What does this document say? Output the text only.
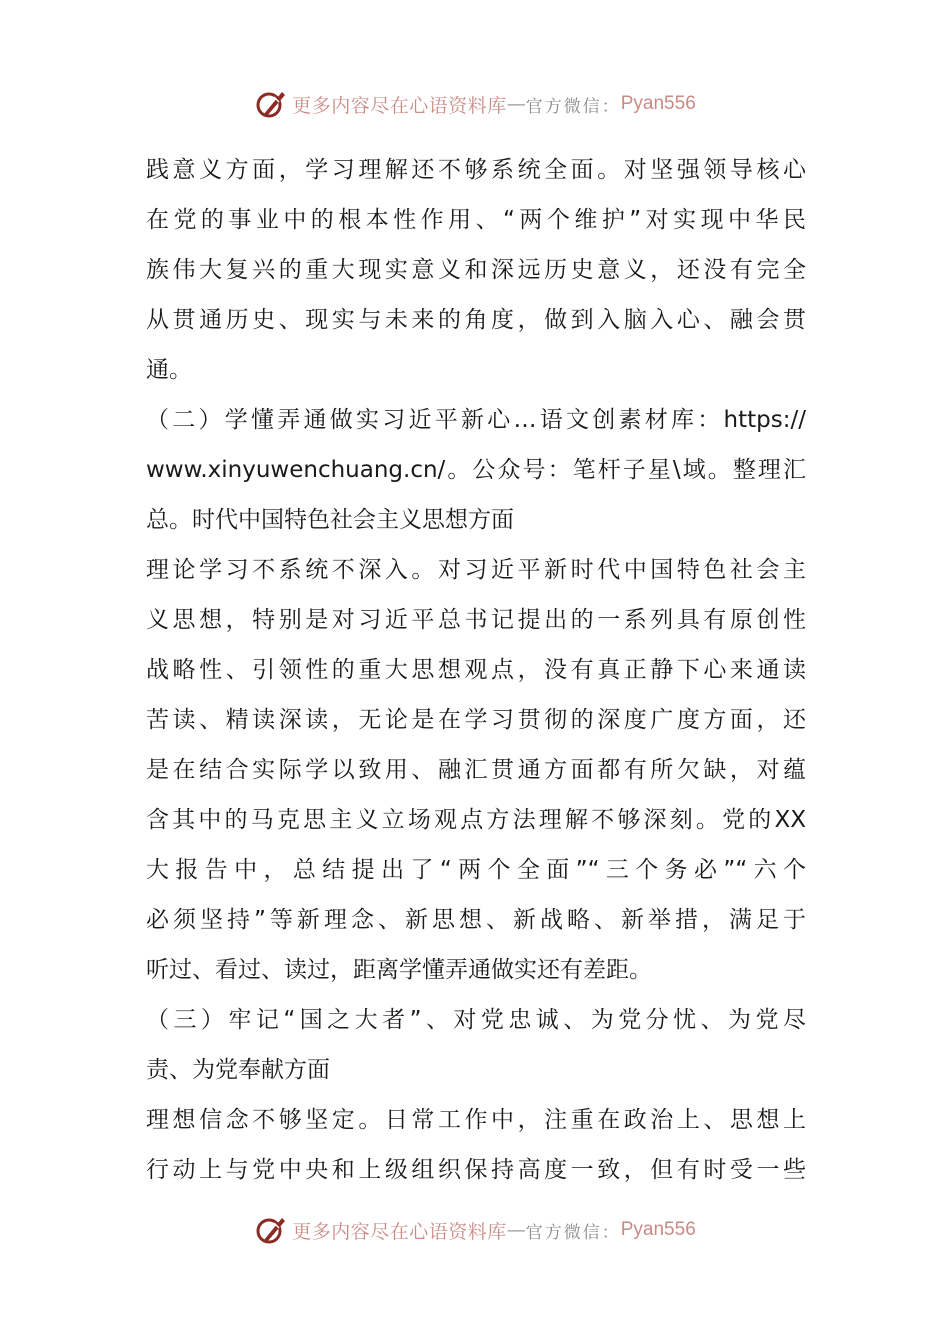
更多内容尽在心语资料库 — 官方微信： Pyan556
践意义方面，学习理解还不够系统全面。对坚强领导核心
在党的事业中的根本性作用、“两个维护”对实现中华民
族伟大复兴的重大现实意义和深远历史意义，还没有完全
从贯通历史、现实与未来的角度，做到入脑入心、融会贯
通。
（二）学懂弄通做实习近平新心…语文创素材库：https://
www.xinyuwenchuang.cn/。公众号：笔杆子星\域。整理汇
总。时代中国特色社会主义思想方面
理论学习不系统不深入。对习近平新时代中国特色社会主
义思想，特别是对习近平总书记提出的一系列具有原创性
战略性、引领性的重大思想观点，没有真正静下心来通读
苦读、精读深读，无论是在学习贯彻的深度广度方面，还
是在结合实际学以致用、融汇贯通方面都有所欠缺，对蕴
含其中的马克思主义立场观点方法理解不够深刻。党的XX
大报告中，总结提出了“两个全面”“三个务必”“六个
必须坚持”等新理念、新思想、新战略、新举措，满足于
听过、看过、读过，距离学懂弄通做实还有差距。
（三）牢记“国之大者”、对党忠诚、为党分忧、为党尽
责、为党奉献方面
理想信念不够坚定。日常工作中，注重在政治上、思想上
行动上与党中央和上级组织保持高度一致，但有时受一些
更多内容尽在心语资料库 — 官方微信： Pyan556
